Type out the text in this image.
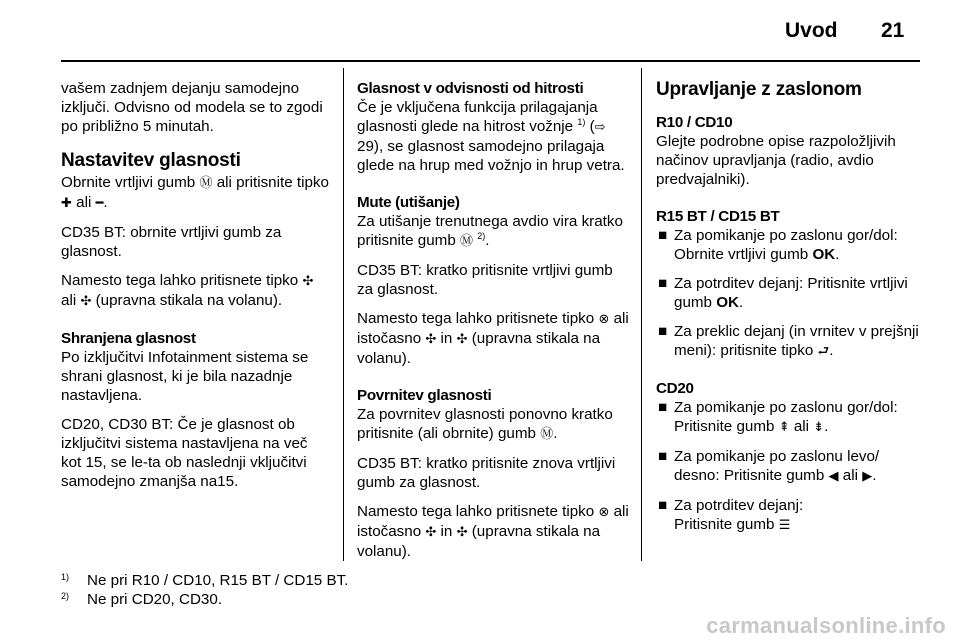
Uvod 21

vašem zadnjem dejanju samodejno izključi. Odvisno od modela se to zgodi po približno 5 minutah.

Nastavitev glasnosti

Obrnite vrtljivi gumb Ⓜ ali pritisnite tipko ✚ ali ━.

CD35 BT: obrnite vrtljivi gumb za glasnost.

Namesto tega lahko pritisnete tipko ✣ ali ✣ (upravna stikala na volanu).

Shranjena glasnost

Po izključitvi Infotainment sistema se shrani glasnost, ki je bila nazadnje nastavljena.

CD20, CD30 BT: Če je glasnost ob izključitvi sistema nastavljena na več kot 15, se le-ta ob naslednji vključitvi samodejno zmanjša na15.

Glasnost v odvisnosti od hitrosti

Če je vključena funkcija prilagajanja glasnosti glede na hitrost vožnje $^{1)}$ (⇨ 29), se glasnost samodejno prilagaja glede na hrup med vožnjo in hrup vetra.

Mute (utišanje)

Za utišanje trenutnega avdio vira kratko pritisnite gumb Ⓜ $^{2)}$.

CD35 BT: kratko pritisnite vrtljivi gumb za glasnost.

Namesto tega lahko pritisnete tipko ⊗ ali istočasno ✣ in ✣ (upravna stikala na volanu).

Povrnitev glasnosti

Za povrnitev glasnosti ponovno kratko pritisnite (ali obrnite) gumb Ⓜ.

CD35 BT: kratko pritisnite znova vrtljivi gumb za glasnost.

Namesto tega lahko pritisnete tipko ⊗ ali istočasno ✣ in ✣ (upravna stikala na volanu).

Upravljanje z zaslonom
R10 / CD10

Glejte podrobne opise razpoložljivih načinov upravljanja (radio, avdio predvajalniki).

R15 BT / CD15 BT
■ Za pomikanje po zaslonu gor/dol: Obrnite vrtljivi gumb OK.
■ Za potrditev dejanj: Pritisnite vrtljivi gumb OK.
■ Za preklic dejanj (in vrnitev v prejšnji meni): pritisnite tipko ⮐.
CD20
■ Za pomikanje po zaslonu gor/dol: Pritisnite gumb ⇞ ali ⇟.
■ Za pomikanje po zaslonu levo/ desno: Pritisnite gumb ◀ ali ▶.
■ Za potrditev dejanj:
Pritisnite gumb ☰
1) Ne pri R10 / CD10, R15 BT / CD15 BT.
2) Ne pri CD20, CD30.
carmanualsonline.info
